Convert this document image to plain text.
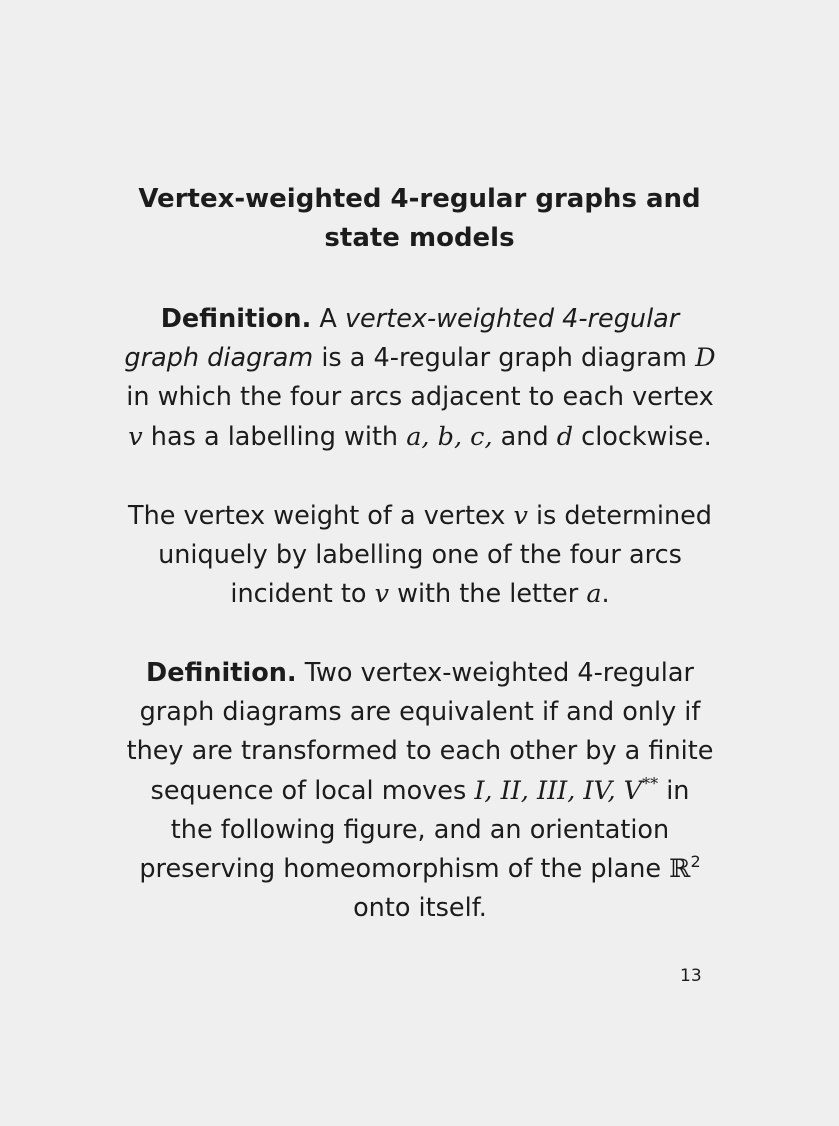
Vertex-weighted 4-regular graphs and
state models
Definition. A vertex-weighted 4-regular
graph diagram is a 4-regular graph diagram D
in which the four arcs adjacent to each vertex
v has a labelling with a, b, c, and d clockwise.
The vertex weight of a vertex v is determined
uniquely by labelling one of the four arcs
incident to v with the letter a.
Definition. Two vertex-weighted 4-regular
graph diagrams are equivalent if and only if
they are transformed to each other by a finite
sequence of local moves I, II, III, IV, V** in
the following figure, and an orientation
preserving homeomorphism of the plane ℝ$^2$
onto itself.
13
